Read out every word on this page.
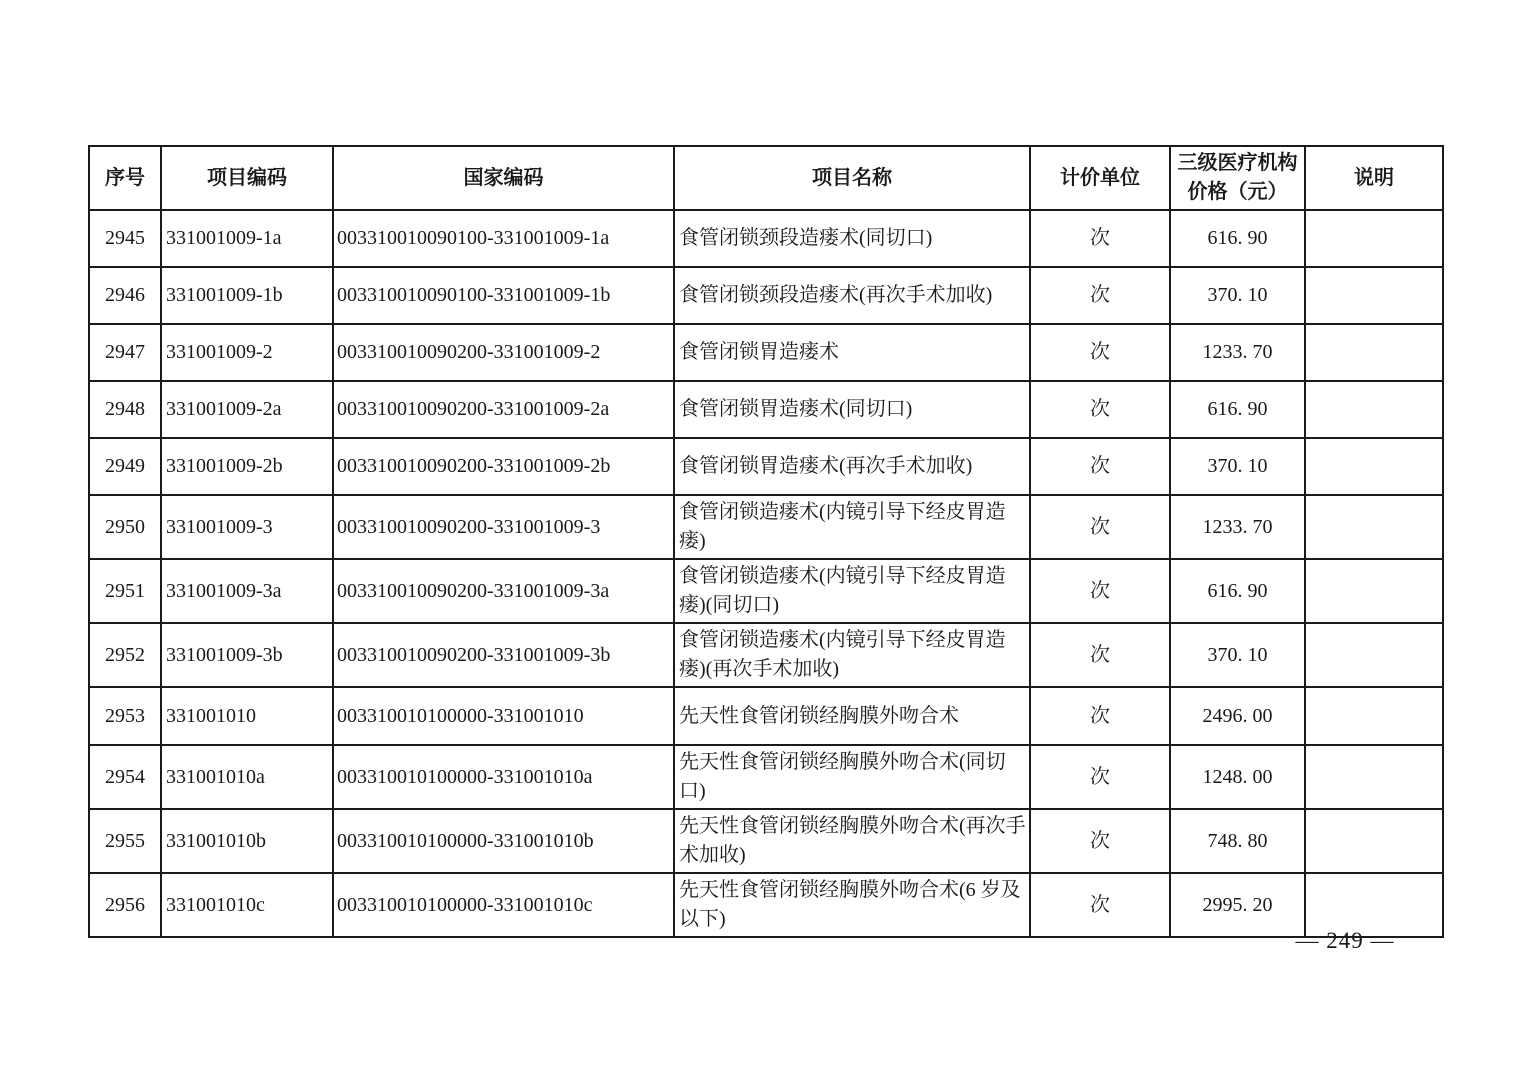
序号	项目编码	国家编码	项目名称	计价单位	三级医疗机构价格（元）	说明
2945	331001009-1a	003310010090100-331001009-1a	食管闭锁颈段造瘘术(同切口)	次	616. 90	
2946	331001009-1b	003310010090100-331001009-1b	食管闭锁颈段造瘘术(再次手术加收)	次	370. 10	
2947	331001009-2	003310010090200-331001009-2	食管闭锁胃造瘘术	次	1233. 70	
2948	331001009-2a	003310010090200-331001009-2a	食管闭锁胃造瘘术(同切口)	次	616. 90	
2949	331001009-2b	003310010090200-331001009-2b	食管闭锁胃造瘘术(再次手术加收)	次	370. 10	
2950	331001009-3	003310010090200-331001009-3	食管闭锁造瘘术(内镜引导下经皮胃造瘘)	次	1233. 70	
2951	331001009-3a	003310010090200-331001009-3a	食管闭锁造瘘术(内镜引导下经皮胃造瘘)(同切口)	次	616. 90	
2952	331001009-3b	003310010090200-331001009-3b	食管闭锁造瘘术(内镜引导下经皮胃造瘘)(再次手术加收)	次	370. 10	
2953	331001010	003310010100000-331001010	先天性食管闭锁经胸膜外吻合术	次	2496. 00	
2954	331001010a	003310010100000-331001010a	先天性食管闭锁经胸膜外吻合术(同切口)	次	1248. 00	
2955	331001010b	003310010100000-331001010b	先天性食管闭锁经胸膜外吻合术(再次手术加收)	次	748. 80	
2956	331001010c	003310010100000-331001010c	先天性食管闭锁经胸膜外吻合术(6 岁及以下)	次	2995. 20	
— 249 —
